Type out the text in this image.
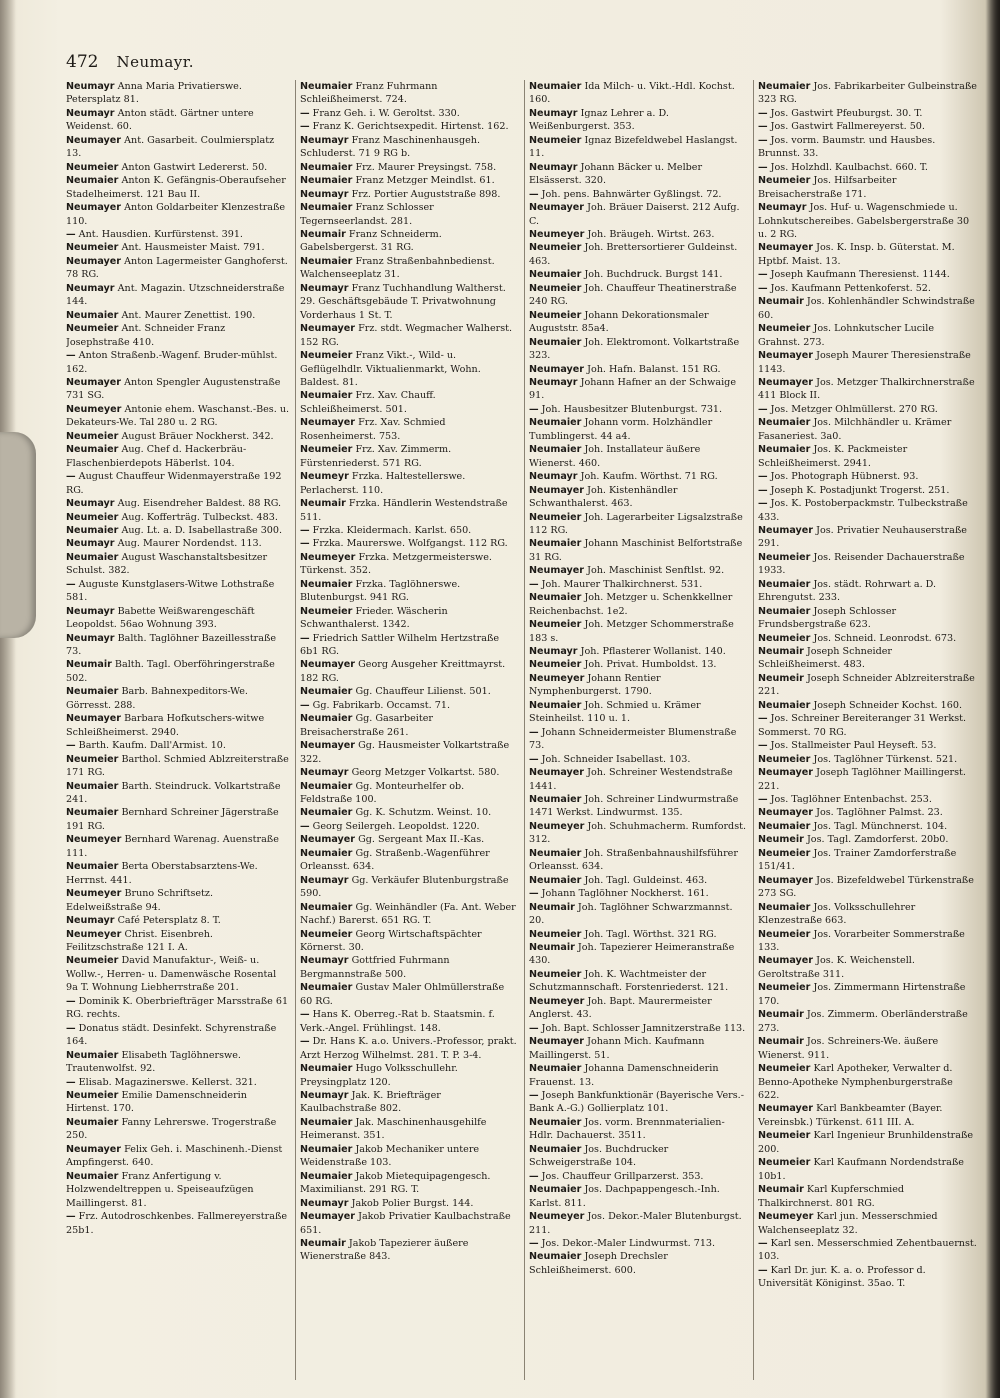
472 Neumayr.
Neumayr Anna Maria Privatierswe. Petersplatz 81.
Neumayr Anton städt. Gärtner untere Weidenst. 60.
Neumayer Ant. Gasarbeit. Coulmiersplatz 13.
Neumeier Anton Gastwirt Ledererst. 50.
Neumaier Anton K. Gefängnis-Oberaufseher Stadelheimerst. 121 Bau II.
Neumayer Anton Goldarbeiter Klenzestraße 110.
— Ant. Hausdien. Kurfürstenst. 391.
Neumeier Ant. Hausmeister Maist. 791.
Neumayer Anton Lagermeister Ganghoferst. 78 RG.
Neumayr Ant. Magazin. Utzschneiderstraße 144.
Neumaier Ant. Maurer Zenettist. 190.
Neumeier Ant. Schneider Franz Josephstraße 410.
— Anton Straßenb.-Wagenf. Bruder-mühlst. 162.
Neumayer Anton Spengler Augustenstraße 731 SG.
Neumeyer Antonie ehem. Waschanst.-Bes. u. Dekateurs-We. Tal 280 u. 2 RG.
Neumeier August Bräuer Nockherst. 342.
Neumaier Aug. Chef d. Hackerbräu-Flaschenbierdepots Häberlst. 104.
— August Chauffeur Widenmayerstraße 192 RG.
Neumayr Aug. Eisendreher Baldest. 88 RG.
Neumeier Aug. Kofferträg. Tulbeckst. 483.
Neumaier Aug. Lt. a. D. Isabellastraße 300.
Neumayr Aug. Maurer Nordendst. 113.
Neumaier August Waschanstaltsbesitzer Schulst. 382.
— Auguste Kunstglasers-Witwe Lothstraße 581.
Neumayr Babette Weißwarengeschäft Leopoldst. 56ao Wohnung 393.
Neumayr Balth. Taglöhner Bazeillesstraße 73.
Neumair Balth. Tagl. Oberföhringerstraße 502.
Neumaier Barb. Bahnexpeditors-We. Görresst. 288.
Neumayer Barbara Hofkutschers-witwe Schleißheimerst. 2940.
— Barth. Kaufm. Dall'Armist. 10.
Neumeier Barthol. Schmied Ablzreiterstraße 171 RG.
Neumaier Barth. Steindruck. Volkartstraße 241.
Neumaier Bernhard Schreiner Jägerstraße 191 RG.
Neumeyer Bernhard Warenag. Auenstraße 111.
Neumaier Berta Oberstabsarztens-We. Herrnst. 441.
Neumeyer Bruno Schriftsetz. Edelweißstraße 94.
Neumayr Café Petersplatz 8. T.
Neumeyer Christ. Eisenbreh. Feilitzschstraße 121 I. A.
Neumeier David Manufaktur-, Weiß- u. Wollw.-, Herren- u. Damenwäsche Rosental 9a T. Wohnung Liebherrstraße 201.
— Dominik K. Oberbriefträger Marsstraße 61 RG. rechts.
— Donatus städt. Desinfekt. Schyrenstraße 164.
Neumaier Elisabeth Taglöhnerswe. Trautenwolfst. 92.
— Elisab. Magazinerswe. Kellerst. 321.
Neumeier Emilie Damenschneiderin Hirtenst. 170.
Neumaier Fanny Lehrerswe. Trogerstraße 250.
Neumayer Felix Geh. i. Maschinenh.-Dienst Ampfingerst. 640.
Neumaier Franz Anfertigung v. Holzwendeltreppen u. Speiseaufzügen Maillingerst. 81.
— Frz. Autodroschkenbes. Fallmereyerstraße 25b1.
Neumaier Franz Fuhrmann Schleißheimerst. 724.
— Franz Geh. i. W. Geroltst. 330.
— Franz K. Gerichtsexpedit. Hirtenst. 162.
Neumayr Franz Maschinenhausgeh. Schluderst. 71 9 RG b.
Neumaier Frz. Maurer Preysingst. 758.
Neumaier Franz Metzger Meindlst. 61.
Neumayr Frz. Portier Auguststraße 898.
Neumaier Franz Schlosser Tegernseerlandst. 281.
Neumair Franz Schneiderm. Gabelsbergerst. 31 RG.
Neumaier Franz Straßenbahnbedienst. Walchenseeplatz 31.
Neumayr Franz Tuchhandlung Waltherst. 29. Geschäftsgebäude T. Privatwohnung Vorderhaus 1 St. T.
Neumayer Frz. stdt. Wegmacher Walherst. 152 RG.
Neumeier Franz Vikt.-, Wild- u. Geflügelhdlr. Viktualienmarkt, Wohn. Baldest. 81.
Neumaier Frz. Xav. Chauff. Schleißheimerst. 501.
Neumayer Frz. Xav. Schmied Rosenheimerst. 753.
Neumeier Frz. Xav. Zimmerm. Fürstenriederst. 571 RG.
Neumeyr Frzka. Haltestellerswe. Perlacherst. 110.
Neumair Frzka. Händlerin Westendstraße 511.
— Frzka. Kleidermach. Karlst. 650.
— Frzka. Maurerswe. Wolfgangst. 112 RG.
Neumeyer Frzka. Metzgermeisterswe. Türkenst. 352.
Neumaier Frzka. Taglöhnerswe. Blutenburgst. 941 RG.
Neumeier Frieder. Wäscherin Schwanthalerst. 1342.
— Friedrich Sattler Wilhelm Hertzstraße 6b1 RG.
Neumayer Georg Ausgeher Kreittmayrst. 182 RG.
Neumaier Gg. Chauffeur Lilienst. 501.
— Gg. Fabrikarb. Occamst. 71.
Neumaier Gg. Gasarbeiter Breisacherstraße 261.
Neumayer Gg. Hausmeister Volkartstraße 322.
Neumayr Georg Metzger Volkartst. 580.
Neumaier Gg. Monteurhelfer ob. Feldstraße 100.
Neumaier Gg. K. Schutzm. Weinst. 10.
— Georg Seilergeh. Leopoldst. 1220.
Neumayer Gg. Sergeant Max II.-Kas.
Neumaier Gg. Straßenb.-Wagenführer Orleansst. 634.
Neumayr Gg. Verkäufer Blutenburgstraße 590.
Neumaier Gg. Weinhändler (Fa. Ant. Weber Nachf.) Barerst. 651 RG. T.
Neumeier Georg Wirtschaftspächter Körnerst. 30.
Neumayr Gottfried Fuhrmann Bergmannstraße 500.
Neumaier Gustav Maler Ohlmüllerstraße 60 RG.
— Hans K. Oberreg.-Rat b. Staatsmin. f. Verk.-Angel. Frühlingst. 148.
— Dr. Hans K. a.o. Univers.-Professor, prakt. Arzt Herzog Wilhelmst. 281. T. P. 3-4.
Neumaier Hugo Volksschullehr. Preysingplatz 120.
Neumayr Jak. K. Briefträger Kaulbachstraße 802.
Neumaier Jak. Maschinenhausgehilfe Heimeranst. 351.
Neumaier Jakob Mechaniker untere Weidenstraße 103.
Neumaier Jakob Mietequipagengesch. Maximilianst. 291 RG. T.
Neumayr Jakob Polier Burgst. 144.
Neumayer Jakob Privatier Kaulbachstraße 651.
Neumair Jakob Tapezierer äußere Wienerstraße 843.
Neumaier Ida Milch- u. Vikt.-Hdl. Kochst. 160.
Neumayr Ignaz Lehrer a. D. Weißenburgerst. 353.
Neumeier Ignaz Bizefeldwebel Haslangst. 11.
Neumayr Johann Bäcker u. Melber Elsässerst. 320.
— Joh. pens. Bahnwärter Gyßlingst. 72.
Neumayer Joh. Bräuer Daiserst. 212 Aufg. C.
Neumeyer Joh. Bräugeh. Wirtst. 263.
Neumeier Joh. Brettersortierer Guldeinst. 463.
Neumaier Joh. Buchdruck. Burgst 141.
Neumeier Joh. Chauffeur Theatinerstraße 240 RG.
Neumeier Johann Dekorationsmaler Auguststr. 85a4.
Neumaier Joh. Elektromont. Volkartstraße 323.
Neumayer Joh. Hafn. Balanst. 151 RG.
Neumayr Johann Hafner an der Schwaige 91.
— Joh. Hausbesitzer Blutenburgst. 731.
Neumaier Johann vorm. Holzhändler Tumblingerst. 44 a4.
Neumaier Joh. Installateur äußere Wienerst. 460.
Neumayr Joh. Kaufm. Wörthst. 71 RG.
Neumayer Joh. Kistenhändler Schwanthalerst. 463.
Neumeier Joh. Lagerarbeiter Ligsalzstraße 112 RG.
Neumaier Johann Maschinist Belfortstraße 31 RG.
Neumayer Joh. Maschinist Senftlst. 92.
— Joh. Maurer Thalkirchnerst. 531.
Neumaier Joh. Metzger u. Schenkkellner Reichenbachst. 1e2.
Neumeier Joh. Metzger Schommerstraße 183 s.
Neumayr Joh. Pflasterer Wollanist. 140.
Neumeier Joh. Privat. Humboldst. 13.
Neumeyer Johann Rentier Nymphenburgerst. 1790.
Neumaier Joh. Schmied u. Krämer Steinheilst. 110 u. 1.
— Johann Schneidermeister Blumenstraße 73.
— Joh. Schneider Isabellast. 103.
Neumayer Joh. Schreiner Westendstraße 1441.
Neumaier Joh. Schreiner Lindwurmstraße 1471 Werkst. Lindwurmst. 135.
Neumeyer Joh. Schuhmacherm. Rumfordst. 312.
Neumaier Joh. Straßenbahnaushilfsführer Orleansst. 634.
Neumaier Joh. Tagl. Guldeinst. 463.
— Johann Taglöhner Nockherst. 161.
Neumair Joh. Taglöhner Schwarzmannst. 20.
Neumeier Joh. Tagl. Wörthst. 321 RG.
Neumair Joh. Tapezierer Heimeranstraße 430.
Neumeier Joh. K. Wachtmeister der Schutzmannschaft. Forstenriederst. 121.
Neumeyer Joh. Bapt. Maurermeister Anglerst. 43.
— Joh. Bapt. Schlosser Jamnitzerstraße 113.
Neumayer Johann Mich. Kaufmann Maillingerst. 51.
Neumaier Johanna Damenschneiderin Frauenst. 13.
— Joseph Bankfunktionär (Bayerische Vers.-Bank A.-G.) Gollierplatz 101.
Neumaier Jos. vorm. Brennmaterialien-Hdlr. Dachauerst. 3511.
Neumaier Jos. Buchdrucker Schweigerstraße 104.
— Jos. Chauffeur Grillparzerst. 353.
Neumaier Jos. Dachpappengesch.-Inh. Karlst. 811.
Neumeyer Jos. Dekor.-Maler Blutenburgst. 211.
— Jos. Dekor.-Maler Lindwurmst. 713.
Neumaier Joseph Drechsler Schleißheimerst. 600.
Neumaier Jos. Fabrikarbeiter Gulbeinstraße 323 RG.
— Jos. Gastwirt Pfeuburgst. 30. T.
— Jos. Gastwirt Fallmereyerst. 50.
— Jos. vorm. Baumstr. und Hausbes. Brunnst. 33.
— Jos. Holzhdl. Kaulbachst. 660. T.
Neumeier Jos. Hilfsarbeiter Breisacherstraße 171.
Neumayr Jos. Huf- u. Wagenschmiede u. Lohnkutschereibes. Gabelsbergerstraße 30 u. 2 RG.
Neumayer Jos. K. Insp. b. Güterstat. M. Hptbf. Maist. 13.
— Joseph Kaufmann Theresienst. 1144.
— Jos. Kaufmann Pettenkoferst. 52.
Neumair Jos. Kohlenhändler Schwindstraße 60.
Neumeier Jos. Lohnkutscher Lucile Grahnst. 273.
Neumayer Joseph Maurer Theresienstraße 1143.
Neumayer Jos. Metzger Thalkirchnerstraße 411 Block II.
— Jos. Metzger Ohlmüllerst. 270 RG.
Neumaier Jos. Milchhändler u. Krämer Fasaneriest. 3a0.
Neumaier Jos. K. Packmeister Schleißheimerst. 2941.
— Jos. Photograph Hübnerst. 93.
— Joseph K. Postadjunkt Trogerst. 251.
— Jos. K. Postoberpackmstr. Tulbeckstraße 433.
Neumayer Jos. Privatier Neuhauserstraße 291.
Neumeier Jos. Reisender Dachauerstraße 1933.
Neumaier Jos. städt. Rohrwart a. D. Ehrengutst. 233.
Neumaier Joseph Schlosser Frundsbergstraße 623.
Neumeier Jos. Schneid. Leonrodst. 673.
Neumair Joseph Schneider Schleißheimerst. 483.
Neumeir Joseph Schneider Ablzreiterstraße 221.
Neumaier Joseph Schneider Kochst. 160.
— Jos. Schreiner Bereiteranger 31 Werkst. Sommerst. 70 RG.
— Jos. Stallmeister Paul Heyseft. 53.
Neumeier Jos. Taglöhner Türkenst. 521.
Neumayer Joseph Taglöhner Maillingerst. 221.
— Jos. Taglöhner Entenbachst. 253.
Neumayer Jos. Taglöhner Palmst. 23.
Neumaier Jos. Tagl. Münchnerst. 104.
Neumeir Jos. Tagl. Zamdorferst. 20b0.
Neumeier Jos. Trainer Zamdorferstraße 151/41.
Neumayer Jos. Bizefeldwebel Türkenstraße 273 SG.
Neumaier Jos. Volksschullehrer Klenzestraße 663.
Neumeier Jos. Vorarbeiter Sommerstraße 133.
Neumayer Jos. K. Weichenstell. Geroltstraße 311.
Neumeier Jos. Zimmermann Hirtenstraße 170.
Neumair Jos. Zimmerm. Oberländerstraße 273.
Neumair Jos. Schreiners-We. äußere Wienerst. 911.
Neumeier Karl Apotheker, Verwalter d. Benno-Apotheke Nymphenburgerstraße 622.
Neumayer Karl Bankbeamter (Bayer. Vereinsbk.) Türkenst. 611 III. A.
Neumeier Karl Ingenieur Brunhildenstraße 200.
Neumeier Karl Kaufmann Nordendstraße 10b1.
Neumair Karl Kupferschmied Thalkirchnerst. 801 RG.
Neumeyer Karl jun. Messerschmied Walchenseeplatz 32.
— Karl sen. Messerschmied Zehentbauernst. 103.
— Karl Dr. jur. K. a. o. Professor d. Universität Königinst. 35ao. T.
